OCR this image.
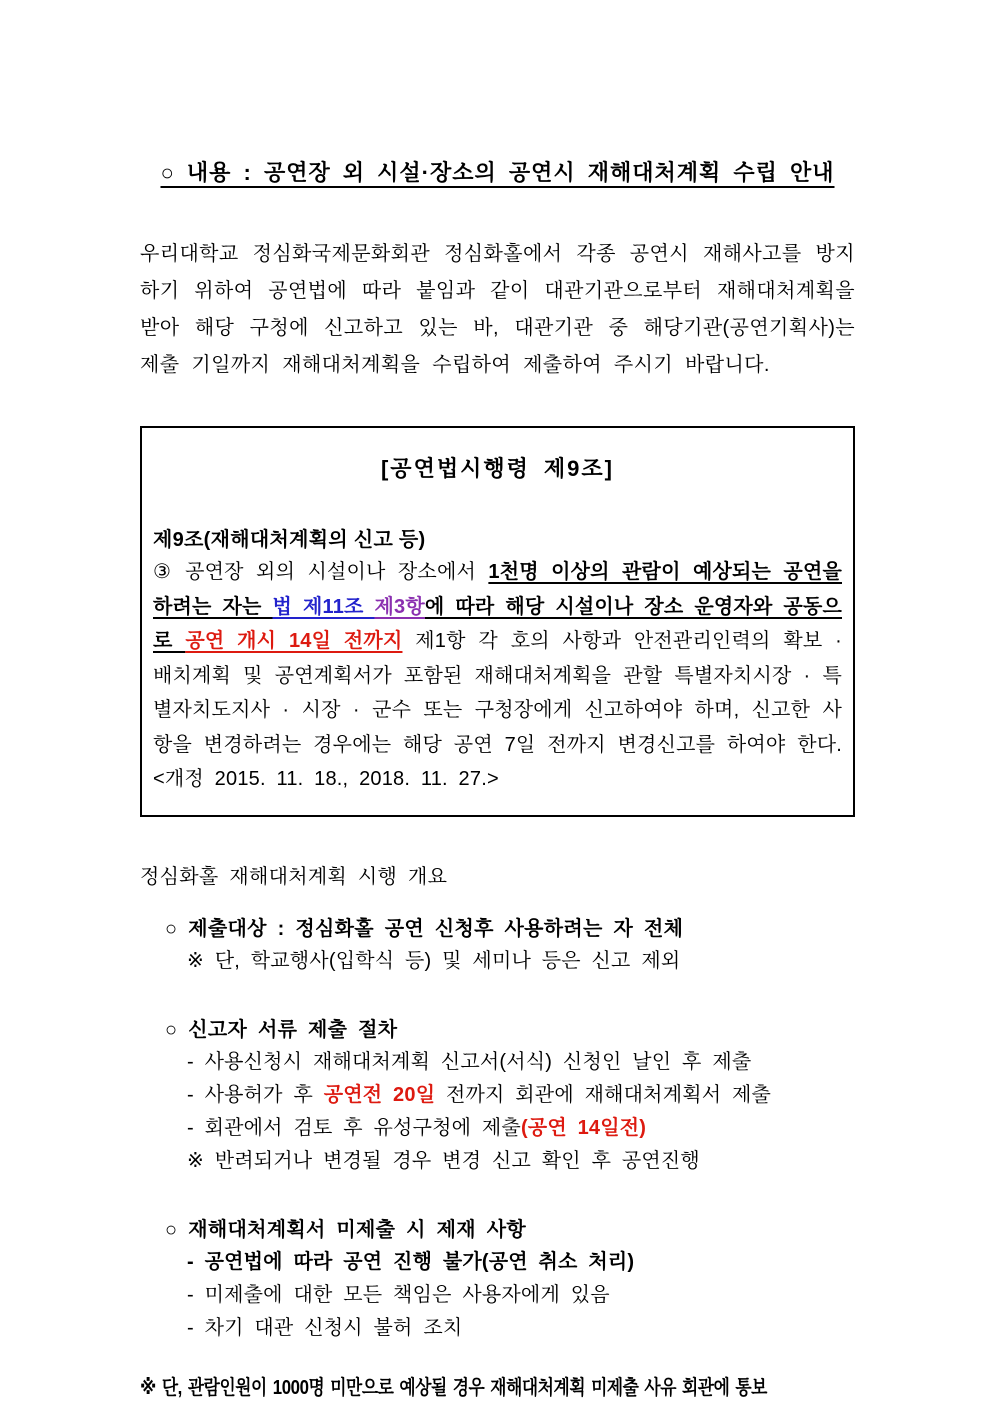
○ 내용 : 공연장 외 시설·장소의 공연시 재해대처계획 수립 안내
우리대학교 정심화국제문화회관 정심화홀에서 각종 공연시 재해사고를 방지하기 위하여 공연법에 따라 붙임과 같이 대관기관으로부터 재해대처계획을 받아 해당 구청에 신고하고 있는 바, 대관기관 중 해당기관(공연기획사)는 제출 기일까지 재해대처계획을 수립하여 제출하여 주시기 바랍니다.
[공연법시행령 제9조]
제9조(재해대처계획의 신고 등)
③ 공연장 외의 시설이나 장소에서 1천명 이상의 관람이 예상되는 공연을 하려는 자는 법 제11조 제3항에 따라 해당 시설이나 장소 운영자와 공동으로 공연 개시 14일 전까지 제1항 각 호의 사항과 안전관리인력의 확보 · 배치계획 및 공연계획서가 포함된 재해대처계획을 관할 특별자치시장 · 특별자치도지사 · 시장 · 군수 또는 구청장에게 신고하여야 하며, 신고한 사항을 변경하려는 경우에는 해당 공연 7일 전까지 변경신고를 하여야 한다. <개정 2015. 11. 18., 2018. 11. 27.>
정심화홀 재해대처계획 시행 개요
○ 제출대상 : 정심화홀 공연 신청후 사용하려는 자 전체
※ 단, 학교행사(입학식 등) 및 세미나 등은 신고 제외
○ 신고자 서류 제출 절차
- 사용신청시 재해대처계획 신고서(서식) 신청인 날인 후 제출
- 사용허가 후 공연전 20일 전까지 회관에 재해대처계획서 제출
- 회관에서 검토 후 유성구청에 제출(공연 14일전)
※ 반려되거나 변경될 경우 변경 신고 확인 후 공연진행
○ 재해대처계획서 미제출 시 제재 사항
- 공연법에 따라 공연 진행 불가(공연 취소 처리)
- 미제출에 대한 모든 책임은 사용자에게 있음
- 차기 대관 신청시 불허 조치
※ 단, 관람인원이 1000명 미만으로 예상될 경우 재해대처계획 미제출 사유 회관에 통보
